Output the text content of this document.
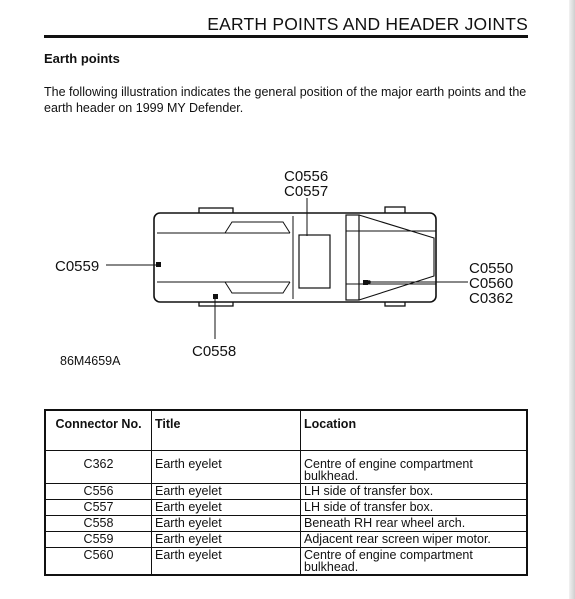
EARTH POINTS AND HEADER JOINTS
Earth points
The following illustration indicates the general position of the major earth points and the earth header on 1999 MY Defender.
C0556
C0557
C0559	C0550
C0560
C0362
C0558
86M4659A
Connector No.	Title	Location
C362	Earth eyelet	Centre of engine compartment bulkhead.
C556	Earth eyelet	LH side of transfer box.
C557	Earth eyelet	LH side of transfer box.
C558	Earth eyelet	Beneath RH rear wheel arch.
C559	Earth eyelet	Adjacent rear screen wiper motor.
C560	Earth eyelet	Centre of engine compartment bulkhead.
